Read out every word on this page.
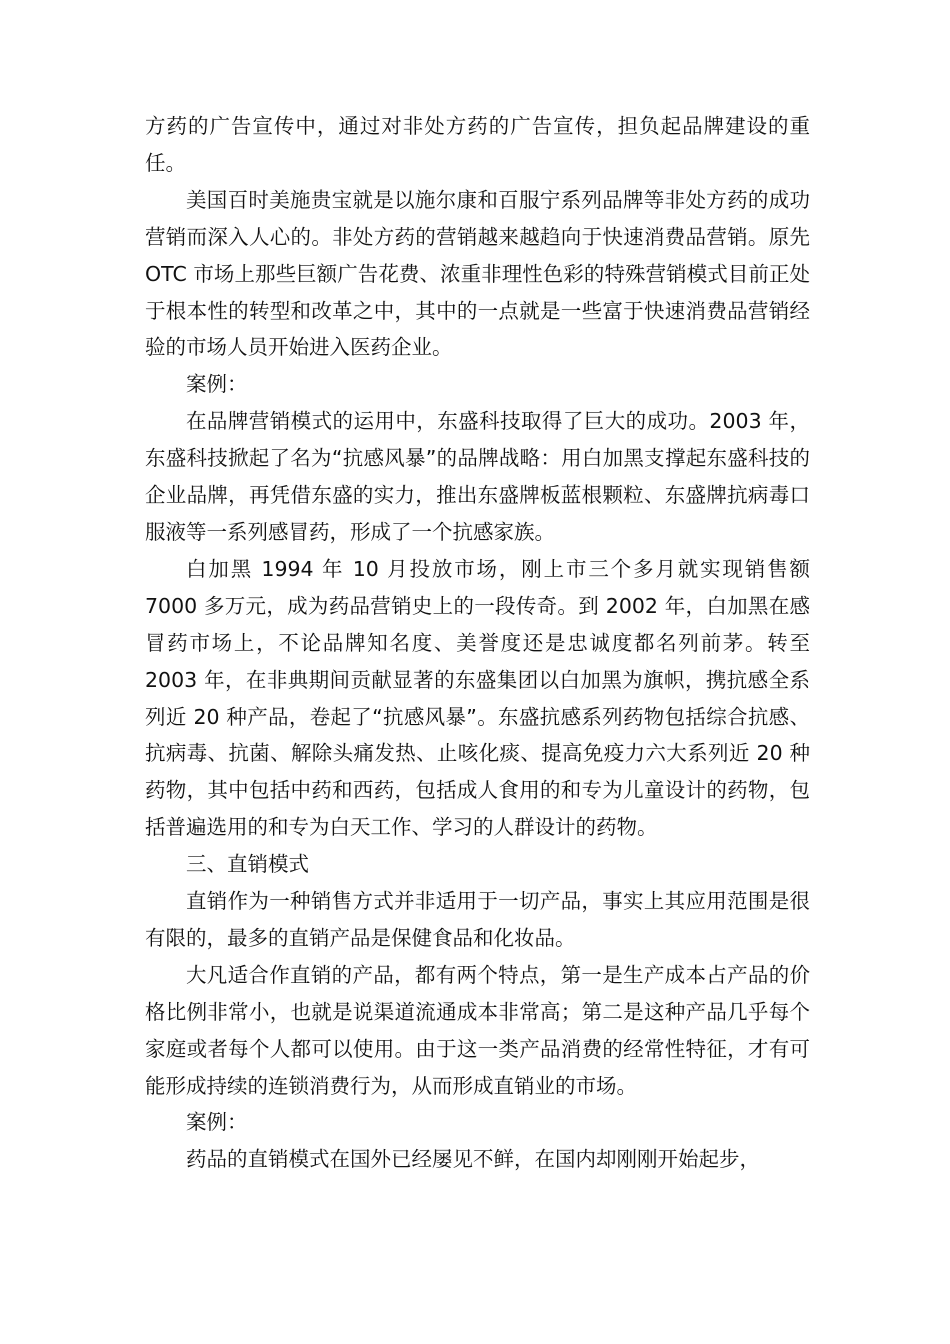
方药的广告宣传中，通过对非处方药的广告宣传，担负起品牌建设的重任。

美国百时美施贵宝就是以施尔康和百服宁系列品牌等非处方药的成功营销而深入人心的。非处方药的营销越来越趋向于快速消费品营销。原先 OTC 市场上那些巨额广告花费、浓重非理性色彩的特殊营销模式目前正处于根本性的转型和改革之中，其中的一点就是一些富于快速消费品营销经验的市场人员开始进入医药企业。

案例：

在品牌营销模式的运用中，东盛科技取得了巨大的成功。2003 年，东盛科技掀起了名为“抗感风暴”的品牌战略：用白加黑支撑起东盛科技的企业品牌，再凭借东盛的实力，推出东盛牌板蓝根颗粒、东盛牌抗病毒口服液等一系列感冒药，形成了一个抗感家族。

白加黑 1994 年 10 月投放市场，刚上市三个多月就实现销售额 7000 多万元，成为药品营销史上的一段传奇。到 2002 年，白加黑在感冒药市场上，不论品牌知名度、美誉度还是忠诚度都名列前茅。转至 2003 年，在非典期间贡献显著的东盛集团以白加黑为旗帜，携抗感全系列近 20 种产品，卷起了“抗感风暴”。东盛抗感系列药物包括综合抗感、抗病毒、抗菌、解除头痛发热、止咳化痰、提高免疫力六大系列近 20 种药物，其中包括中药和西药，包括成人食用的和专为儿童设计的药物，包括普遍选用的和专为白天工作、学习的人群设计的药物。

三、直销模式

直销作为一种销售方式并非适用于一切产品，事实上其应用范围是很有限的，最多的直销产品是保健食品和化妆品。

大凡适合作直销的产品，都有两个特点，第一是生产成本占产品的价格比例非常小，也就是说渠道流通成本非常高；第二是这种产品几乎每个家庭或者每个人都可以使用。由于这一类产品消费的经常性特征，才有可能形成持续的连锁消费行为，从而形成直销业的市场。

案例：

药品的直销模式在国外已经屡见不鲜，在国内却刚刚开始起步，
